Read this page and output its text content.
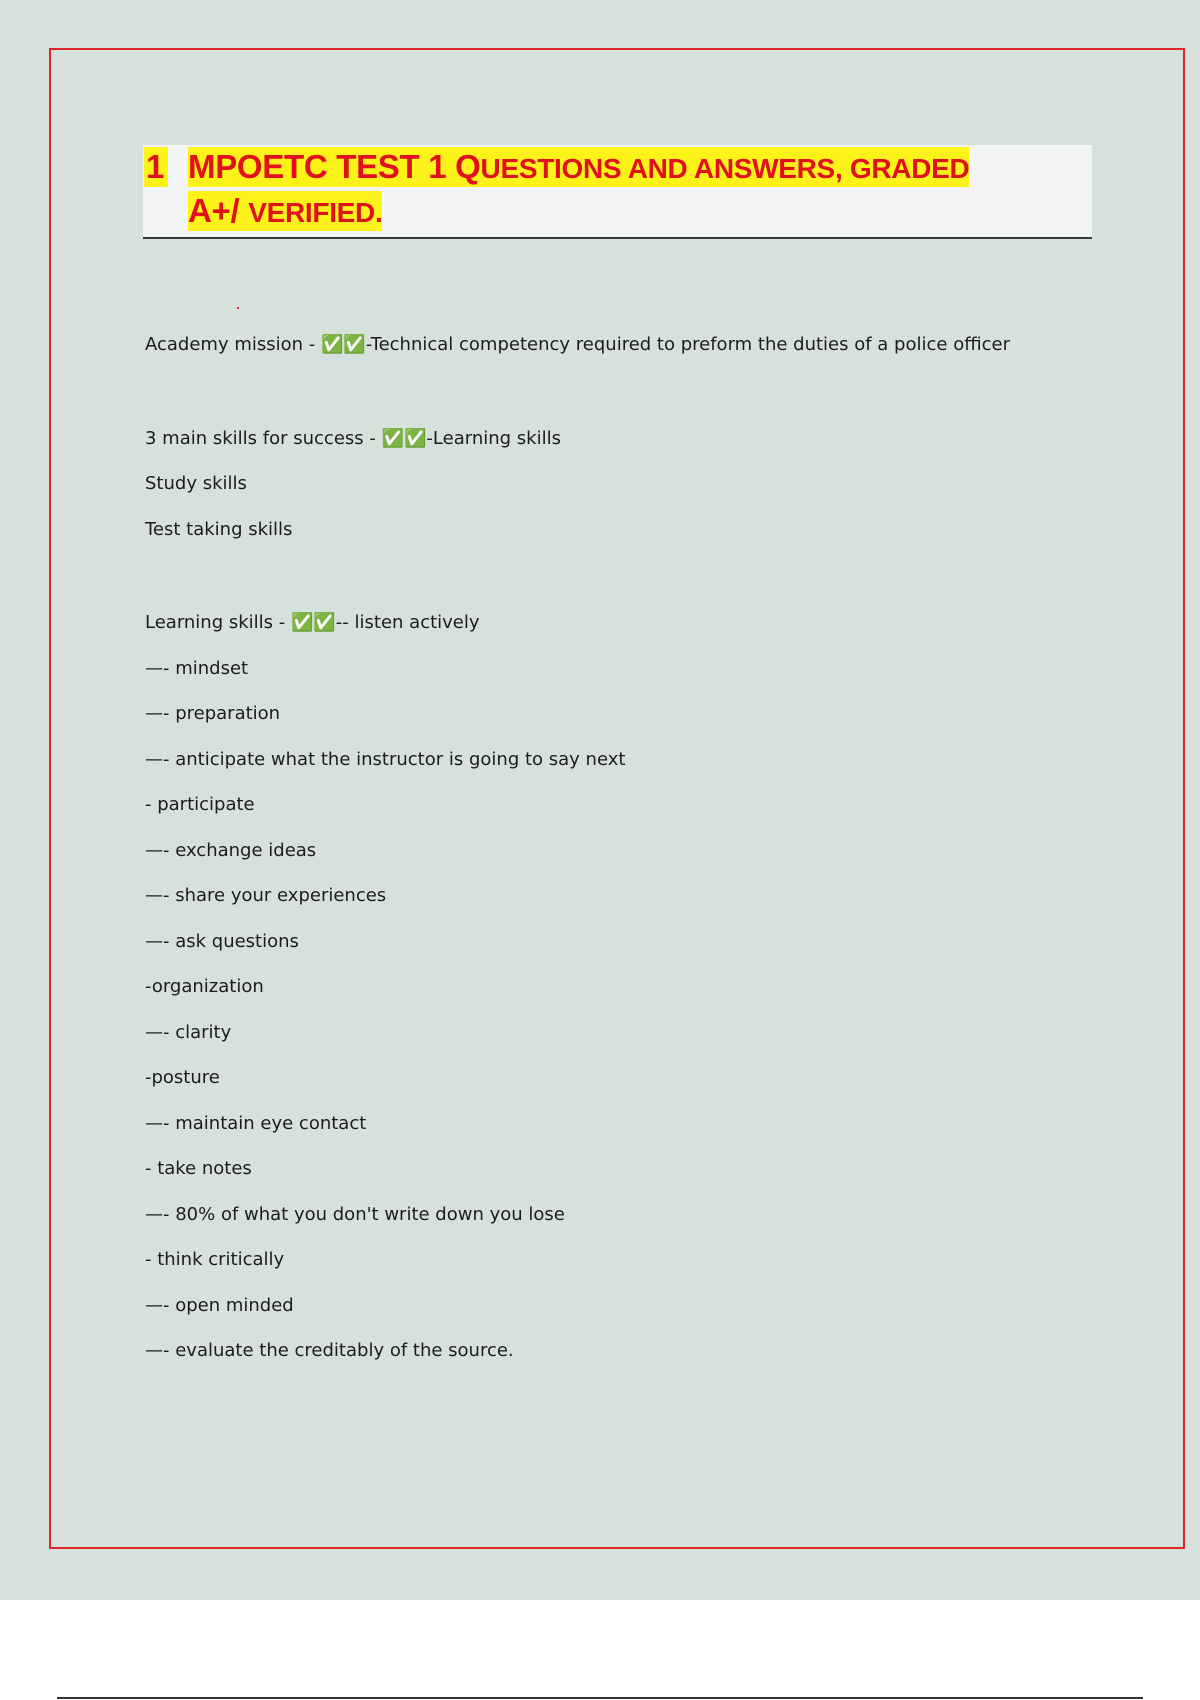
1 MPOETC TEST 1 QUESTIONS AND ANSWERS, GRADED
A+/ VERIFIED.
Academy mission - ✅✅-Technical competency required to preform the duties of a police officer
3 main skills for success - ✅✅-Learning skills
Study skills
Test taking skills
Learning skills - ✅✅-- listen actively
—- mindset
—- preparation
—- anticipate what the instructor is going to say next
- participate
—- exchange ideas
—- share your experiences
—- ask questions
-organization
—- clarity
-posture
—- maintain eye contact
- take notes
—- 80% of what you don't write down you lose
- think critically
—- open minded
—- evaluate the creditably of the source.
